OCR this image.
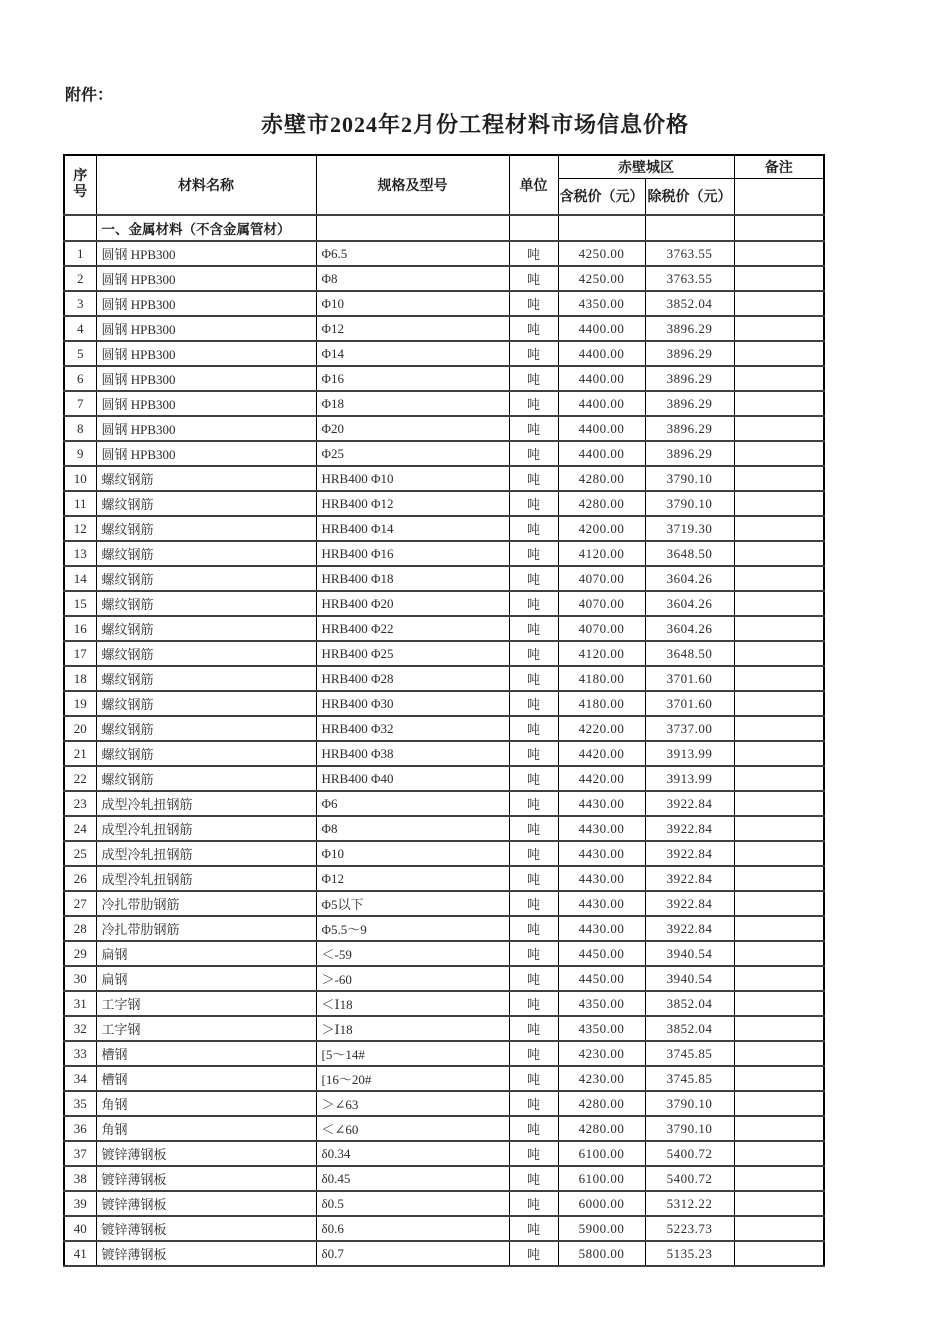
附件：
赤壁市2024年2月份工程材料市场信息价格
序号	材料名称	规格及型号	单位	赤壁城区		备注
				含税价（元）	除税价（元）	
	一、金属材料（不含金属管材）					
1	圆钢 HPB300	Φ6.5	吨	4250.00	3763.55	
2	圆钢 HPB300	Φ8	吨	4250.00	3763.55	
3	圆钢 HPB300	Φ10	吨	4350.00	3852.04	
4	圆钢 HPB300	Φ12	吨	4400.00	3896.29	
5	圆钢 HPB300	Φ14	吨	4400.00	3896.29	
6	圆钢 HPB300	Φ16	吨	4400.00	3896.29	
7	圆钢 HPB300	Φ18	吨	4400.00	3896.29	
8	圆钢 HPB300	Φ20	吨	4400.00	3896.29	
9	圆钢 HPB300	Φ25	吨	4400.00	3896.29	
10	螺纹钢筋	HRB400 Φ10	吨	4280.00	3790.10	
11	螺纹钢筋	HRB400 Φ12	吨	4280.00	3790.10	
12	螺纹钢筋	HRB400 Φ14	吨	4200.00	3719.30	
13	螺纹钢筋	HRB400 Φ16	吨	4120.00	3648.50	
14	螺纹钢筋	HRB400 Φ18	吨	4070.00	3604.26	
15	螺纹钢筋	HRB400 Φ20	吨	4070.00	3604.26	
16	螺纹钢筋	HRB400 Φ22	吨	4070.00	3604.26	
17	螺纹钢筋	HRB400 Φ25	吨	4120.00	3648.50	
18	螺纹钢筋	HRB400 Φ28	吨	4180.00	3701.60	
19	螺纹钢筋	HRB400 Φ30	吨	4180.00	3701.60	
20	螺纹钢筋	HRB400 Φ32	吨	4220.00	3737.00	
21	螺纹钢筋	HRB400 Φ38	吨	4420.00	3913.99	
22	螺纹钢筋	HRB400 Φ40	吨	4420.00	3913.99	
23	成型冷轧扭钢筋	Φ6	吨	4430.00	3922.84	
24	成型冷轧扭钢筋	Φ8	吨	4430.00	3922.84	
25	成型冷轧扭钢筋	Φ10	吨	4430.00	3922.84	
26	成型冷轧扭钢筋	Φ12	吨	4430.00	3922.84	
27	冷扎带肋钢筋	Φ5以下	吨	4430.00	3922.84	
28	冷扎带肋钢筋	Φ5.5～9	吨	4430.00	3922.84	
29	扁钢	＜-59	吨	4450.00	3940.54	
30	扁钢	＞-60	吨	4450.00	3940.54	
31	工字钢	＜Ⅰ18	吨	4350.00	3852.04	
32	工字钢	＞Ⅰ18	吨	4350.00	3852.04	
33	槽钢	[5～14#	吨	4230.00	3745.85	
34	槽钢	[16～20#	吨	4230.00	3745.85	
35	角钢	＞∠63	吨	4280.00	3790.10	
36	角钢	＜∠60	吨	4280.00	3790.10	
37	镀锌薄钢板	δ0.34	吨	6100.00	5400.72	
38	镀锌薄钢板	δ0.45	吨	6100.00	5400.72	
39	镀锌薄钢板	δ0.5	吨	6000.00	5312.22	
40	镀锌薄钢板	δ0.6	吨	5900.00	5223.73	
41	镀锌薄钢板	δ0.7	吨	5800.00	5135.23	
